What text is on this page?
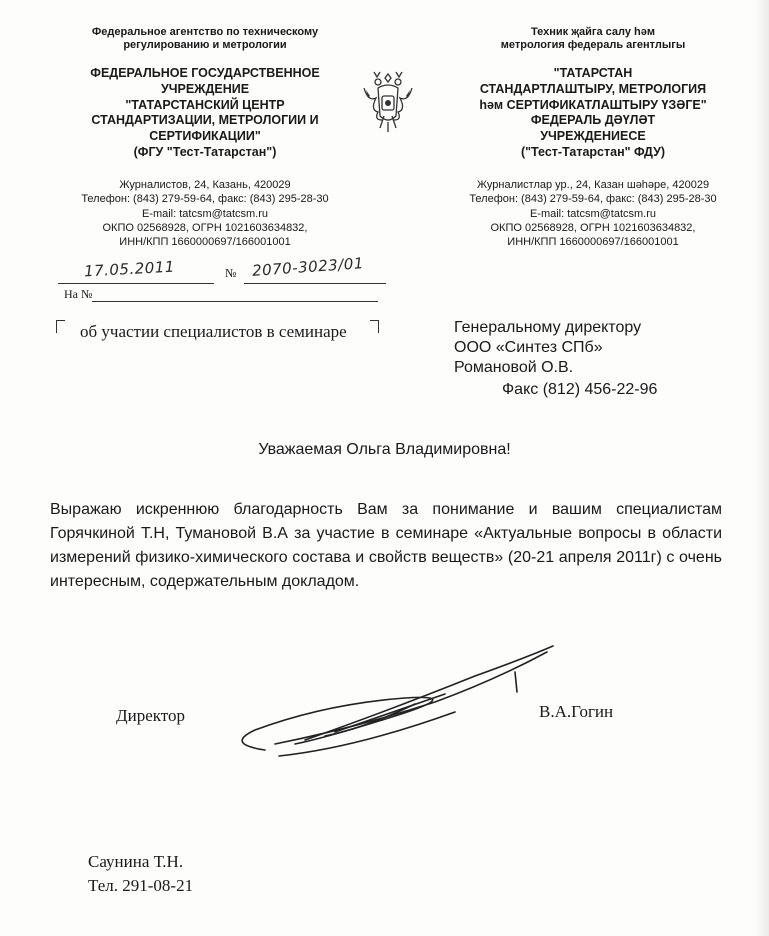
Федеральное агентство по техническому регулированию и метрологии
ФЕДЕРАЛЬНОЕ ГОСУДАРСТВЕННОЕ
УЧРЕЖДЕНИЕ
"ТАТАРСТАНСКИЙ ЦЕНТР
СТАНДАРТИЗАЦИИ, МЕТРОЛОГИИ И
СЕРТИФИКАЦИИ"
(ФГУ "Тест-Татарстан")
Журналистов, 24, Казань, 420029
Телефон: (843) 279-59-64, факс: (843) 295-28-30
E-mail: tatcsm@tatcsm.ru
ОКПО 02568928, ОГРН 1021603634832,
ИНН/КПП 1660000697/166001001
Техник җайга салу һәм
метрология федераль агентлыгы
"ТАТАРСТАН
СТАНДАРТЛАШТЫРУ, МЕТРОЛОГИЯ
һәм СЕРТИФИКАТЛАШТЫРУ ҮЗӘГЕ"
ФЕДЕРАЛЬ ДӘҮЛӘТ
УЧРЕЖДЕНИЕСЕ
("Тест-Татарстан" ФДУ)
Журналистлар ур., 24, Казан шәһәре, 420029
Телефон: (843) 279-59-64, факс: (843) 295-28-30
E-mail: tatcsm@tatcsm.ru
ОКПО 02568928, ОГРН 1021603634832,
ИНН/КПП 1660000697/166001001
17.05.2011	№ 2070-3023/01
На №
об участии специалистов в семинаре	Генеральному директору
ООО «Синтез СПб»
Романовой О.В.
Факс (812) 456-22-96
Уважаемая Ольга Владимировна!
Выражаю искреннюю благодарность Вам за понимание и вашим специалистам Горячкиной Т.Н, Тумановой В.А за участие в семинаре «Актуальные вопросы в области измерений физико-химического состава и свойств веществ» (20-21 апреля 2011г) с очень интересным, содержательным докладом.
Директор	В.А.Гогин
Саунина Т.Н.
Тел. 291-08-21
